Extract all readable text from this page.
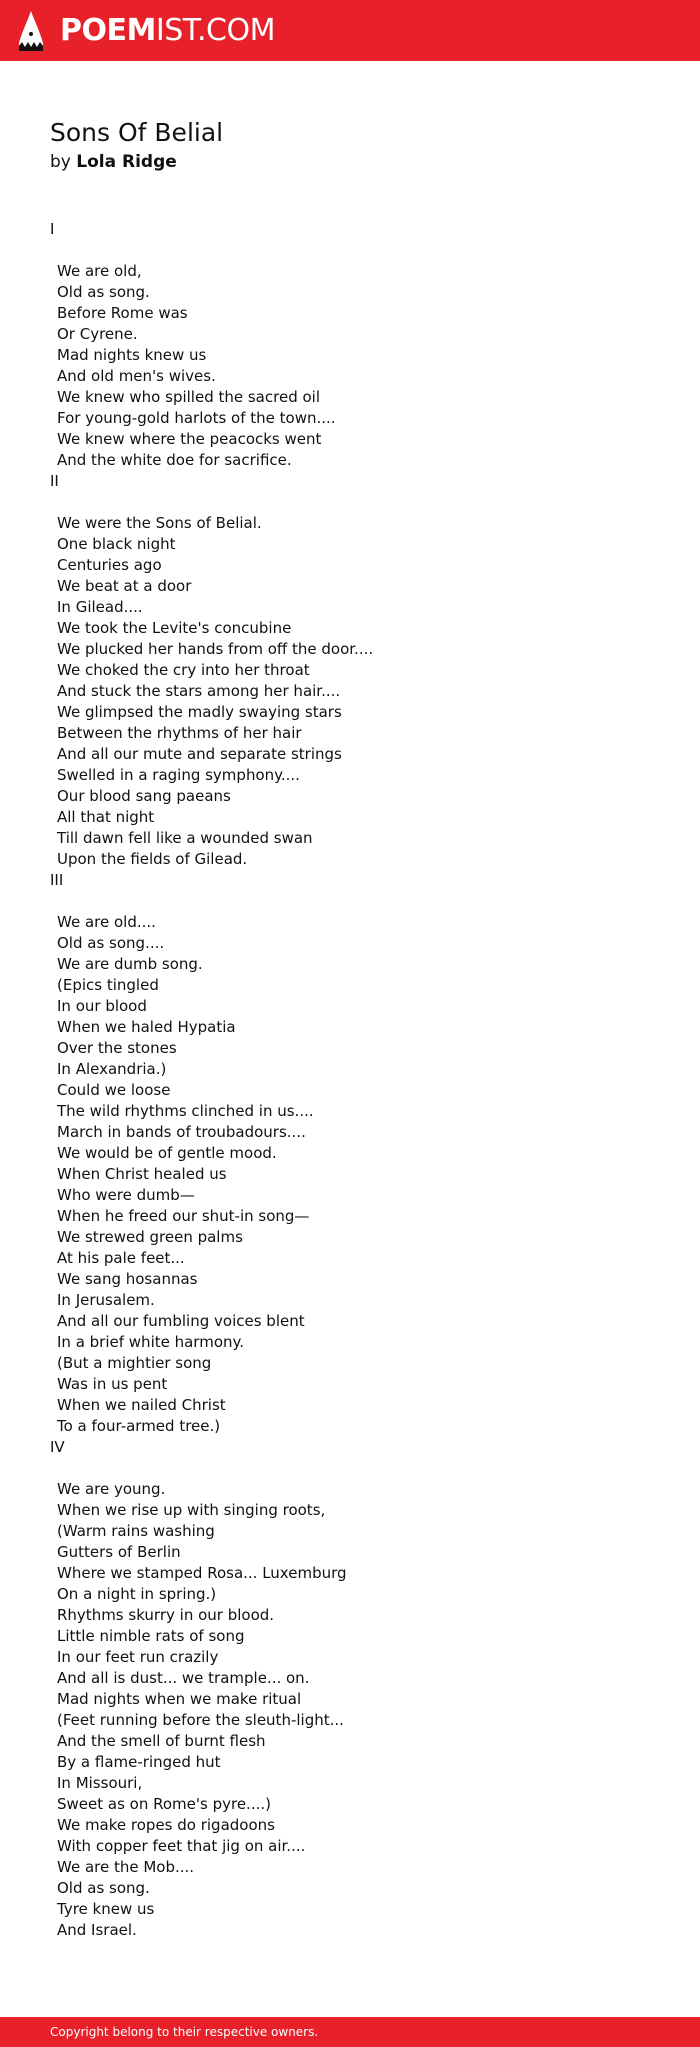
POEMIST.COM
Sons Of Belial
by Lola Ridge
I
We are old,
Old as song.
Before Rome was
Or Cyrene.
Mad nights knew us
And old men's wives.
We knew who spilled the sacred oil
For young-gold harlots of the town....
We knew where the peacocks went
And the white doe for sacrifice.
II
We were the Sons of Belial.
One black night
Centuries ago
We beat at a door
In Gilead....
We took the Levite's concubine
We plucked her hands from off the door....
We choked the cry into her throat
And stuck the stars among her hair....
We glimpsed the madly swaying stars
Between the rhythms of her hair
And all our mute and separate strings
Swelled in a raging symphony....
Our blood sang paeans
All that night
Till dawn fell like a wounded swan
Upon the fields of Gilead.
III
We are old....
Old as song....
We are dumb song.
(Epics tingled
In our blood
When we haled Hypatia
Over the stones
In Alexandria.)
Could we loose
The wild rhythms clinched in us....
March in bands of troubadours....
We would be of gentle mood.
When Christ healed us
Who were dumb—
When he freed our shut-in song—
We strewed green palms
At his pale feet...
We sang hosannas
In Jerusalem.
And all our fumbling voices blent
In a brief white harmony.
(But a mightier song
Was in us pent
When we nailed Christ
To a four-armed tree.)
IV
We are young.
When we rise up with singing roots,
(Warm rains washing
Gutters of Berlin
Where we stamped Rosa... Luxemburg
On a night in spring.)
Rhythms skurry in our blood.
Little nimble rats of song
In our feet run crazily
And all is dust... we trample... on.
Mad nights when we make ritual
(Feet running before the sleuth-light...
And the smell of burnt flesh
By a flame-ringed hut
In Missouri,
Sweet as on Rome's pyre....)
We make ropes do rigadoons
With copper feet that jig on air....
We are the Mob....
Old as song.
Tyre knew us
And Israel.
Copyright belong to their respective owners.
